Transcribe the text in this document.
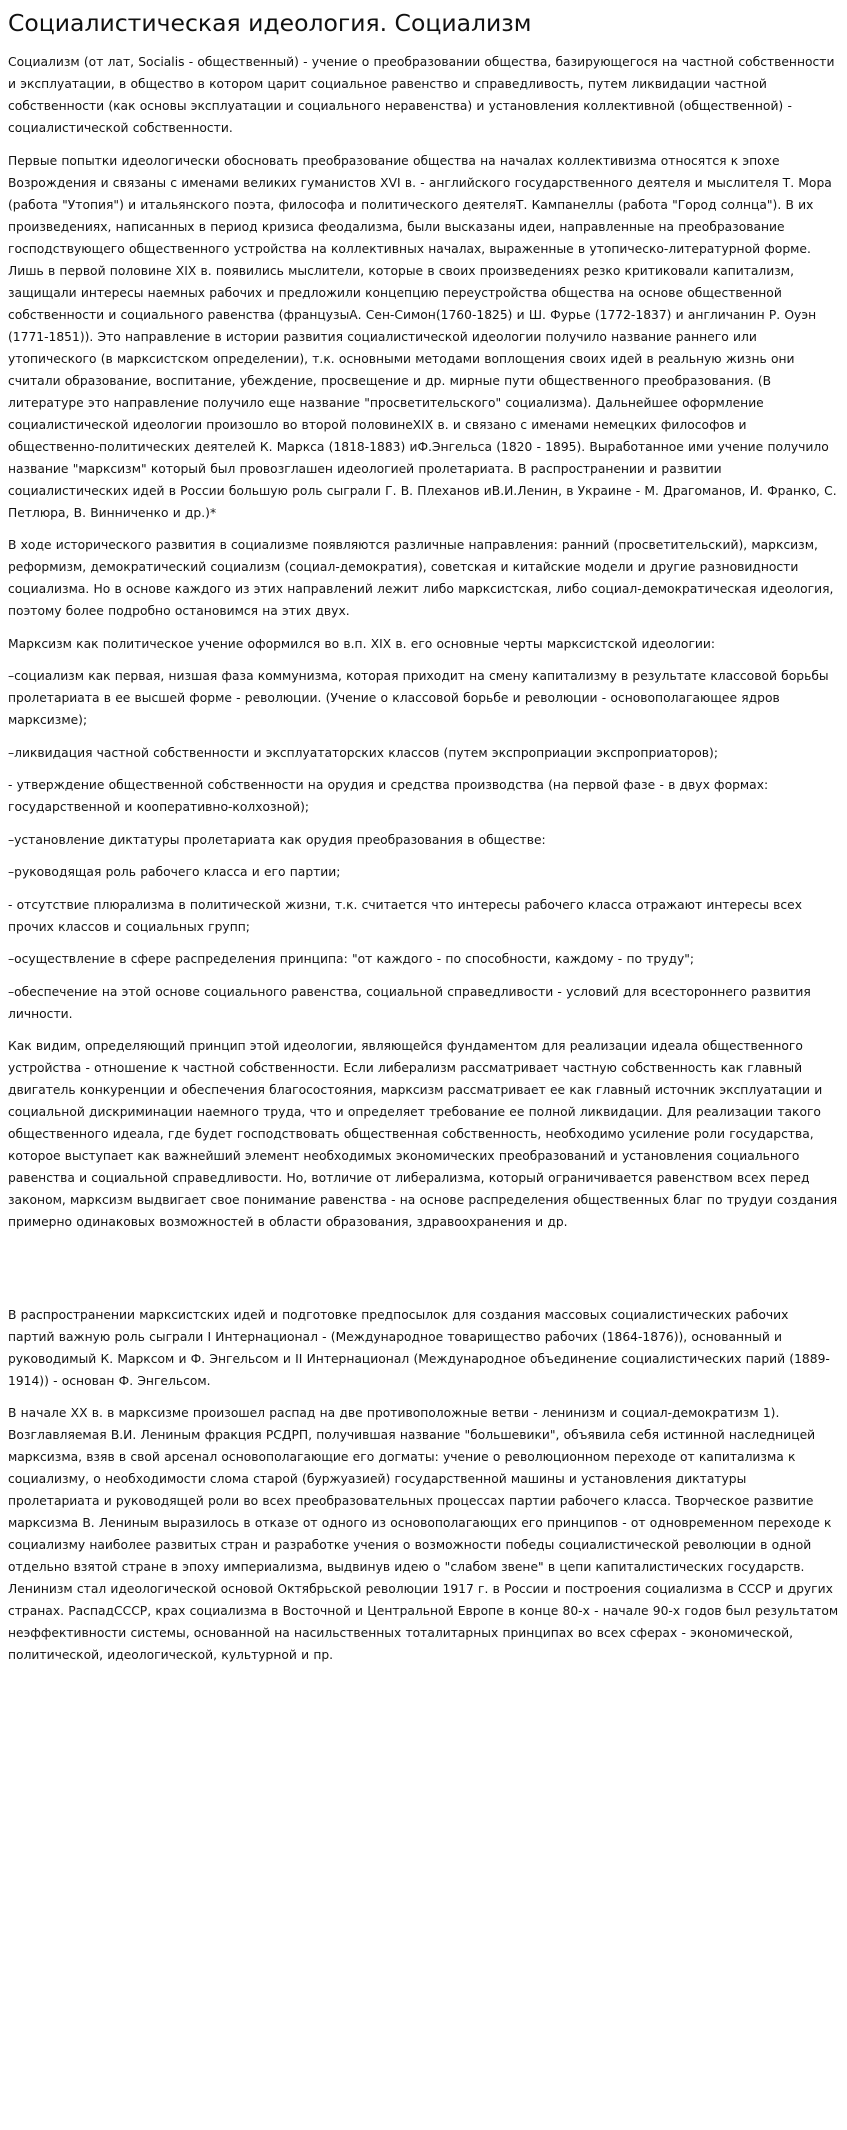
Социалистическая идеология. Социализм

Социализм (от лат, Socialis - общественный) - учение о преобразовании общества, базирующегося на частной собственности и эксплуатации, в общество в котором царит социальное равенство и справедливость, путем ликвидации частной собственности (как основы эксплуатации и социального неравенства) и установления коллективной (общественной) - социалистической собственности.

Первые попытки идеологически обосновать преобразование общества на началах коллективизма относятся к эпохе Возрождения и связаны с именами великих гуманистов XVI в. - английского государственного деятеля и мыслителя Т. Мора (работа "Утопия") и итальянского поэта, философа и политического деятеляТ. Кампанеллы (работа "Город солнца"). В их произведениях, написанных в период кризиса феодализма, были высказаны идеи, направленные на преобразование господствующего общественного устройства на коллективных началах, выраженные в утопическо-литературной форме. Лишь в первой половине XIX в. появились мыслители, которые в своих произведениях резко критиковали капитализм, защищали интересы наемных рабочих и предложили концепцию переустройства общества на основе общественной собственности и социального равенства (французыА. Сен-Симон(1760-1825) и Ш. Фурье (1772-1837) и англичанин Р. Оуэн (1771-1851)). Это направление в истории развития социалистической идеологии получило название раннего или утопического (в марксистском определении), т.к. основными методами воплощения своих идей в реальную жизнь они считали образование, воспитание, убеждение, просвещение и др. мирные пути общественного преобразования. (В литературе это направление получило еще название "просветительского" социализма). Дальнейшее оформление социалистической идеологии произошло во второй половинеXIX в. и связано с именами немецких философов и общественно-политических деятелей К. Маркса (1818-1883) иФ.Энгельса (1820 - 1895). Выработанное ими учение получило название "марксизм" который был провозглашен идеологией пролетариата. В распространении и развитии социалистических идей в России большую роль сыграли Г. В. Плеханов иВ.И.Ленин, в Украине - М. Драгоманов, И. Франко, С. Петлюра, В. Винниченко и др.)*

В ходе исторического развития в социализме появляются различные направления: ранний (просветительский), марксизм, реформизм, демократический социализм (социал-демократия), советская и китайские модели и другие разновидности социализма. Но в основе каждого из этих направлений лежит либо марксистская, либо социал-демократическая идеология, поэтому более подробно остановимся на этих двух.

Марксизм как политическое учение оформился во в.п. XIX в. его основные черты марксистской идеологии:

–социализм как первая, низшая фаза коммунизма, которая приходит на смену капитализму в результате классовой борьбы пролетариата в ее высшей форме - революции. (Учение о классовой борьбе и революции - основополагающее ядров марксизме);

–ликвидация частной собственности и эксплуататорских классов (путем экспроприации экспроприаторов);

- утверждение общественной собственности на орудия и средства производства (на первой фазе - в двух формах: государственной и кооперативно-колхозной);

–установление диктатуры пролетариата как орудия преобразования в обществе:

–руководящая роль рабочего класса и его партии;

- отсутствие плюрализма в политической жизни, т.к. считается что интересы рабочего класса отражают интересы всех прочих классов и социальных групп;

–осуществление в сфере распределения принципа: "от каждого - по способности, каждому - по труду";

–обеспечение на этой основе социального равенства, социальной справедливости - условий для всестороннего развития личности.

Как видим, определяющий принцип этой идеологии, являющейся фундаментом для реализации идеала общественного устройства - отношение к частной собственности. Если либерализм рассматривает частную собственность как главный двигатель конкуренции и обеспечения благосостояния, марксизм рассматривает ее как главный источник эксплуатации и социальной дискриминации наемного труда, что и определяет требование ее полной ликвидации. Для реализации такого общественного идеала, где будет господствовать общественная собственность, необходимо усиление роли государства, которое выступает как важнейший элемент необходимых экономических преобразований и установления социального равенства и социальной справедливости. Но, вотличие от либерализма, который ограничивается равенством всех перед законом, марксизм выдвигает свое понимание равенства - на основе распределения общественных благ по трудуи создания примерно одинаковых возможностей в области образования, здравоохранения и др.

В распространении марксистских идей и подготовке предпосылок для создания массовых социалистических рабочих партий важную роль сыграли I Интернационал - (Международное товарищество рабочих (1864-1876)), основанный и руководимый К. Марксом и Ф. Энгельсом и II Интернационал (Международное объединение социалистических парий (1889-1914)) - основан Ф. Энгельсом.

В начале XX в. в марксизме произошел распад на две противоположные ветви - ленинизм и социал-демократизм 1). Возглавляемая В.И. Лениным фракция РСДРП, получившая название "большевики", объявила себя истинной наследницей марксизма, взяв в свой арсенал основополагающие его догматы: учение о революционном переходе от капитализма к социализму, о необходимости слома старой (буржуазией) государственной машины и установления диктатуры пролетариата и руководящей роли во всех преобразовательных процессах партии рабочего класса. Творческое развитие марксизма В. Лениным выразилось в отказе от одного из основополагающих его принципов - от одновременном переходе к социализму наиболее развитых стран и разработке учения о возможности победы социалистической революции в одной отдельно взятой стране в эпоху империализма, выдвинув идею о "слабом звене" в цепи капиталистических государств. Ленинизм стал идеологической основой Октябрьской революции 1917 г. в России и построения социализма в СССР и других странах. РаспадСССР, крах социализма в Восточной и Центральной Европе в конце 80-х - начале 90-х годов был результатом неэффективности системы, основанной на насильственных тоталитарных принципах во всех сферах - экономической, политической, идеологической, культурной и пр.
